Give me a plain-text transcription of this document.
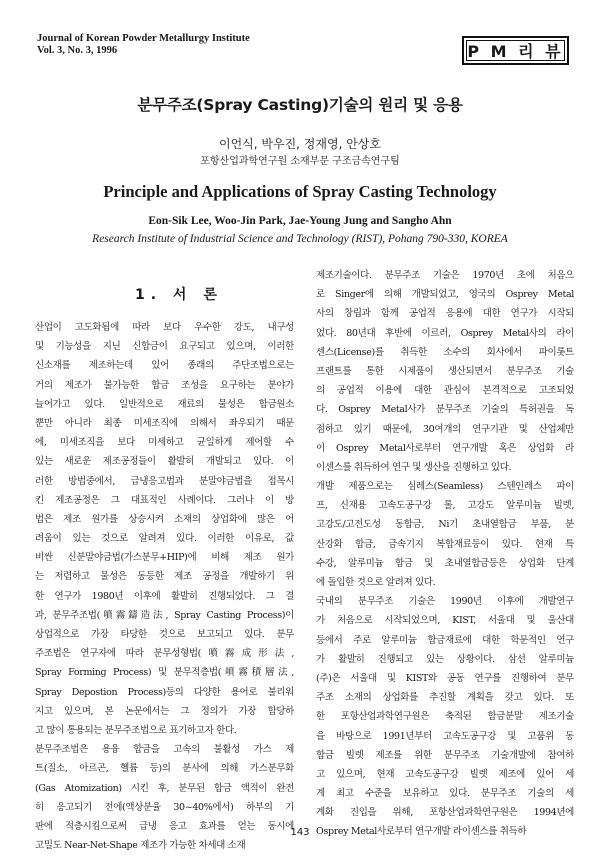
Journal of Korean Powder Metallurgy Institute
Vol. 3, No. 3, 1996	P M 리 뷰
분무주조(Spray Casting)기술의 원리 및 응용
이언식, 박우진, 정재영, 안상호
포항산업과학연구원 소재부문 구조금속연구팀
Principle and Applications of Spray Casting Technology
Eon-Sik Lee, Woo-Jin Park, Jae-Young Jung and Sangho Ahn
Research Institute of Industrial Science and Technology (RIST), Pohang 790-330, KOREA
1. 서 론
산업이 고도화됨에 따라 보다 우수한 강도, 내구성
및 기능성을 지닌 신합금이 요구되고 있으며, 이러한
신소재를 제조하는데 있어 종래의 주단조법으로는
거의 제조가 불가능한 합금 조성을 요구하는 분야가
늘어가고 있다. 일반적으로 재료의 물성은 합금원소
뿐만 아니라 최종 미세조직에 의해서 좌우되기 때문
에, 미세조직을 보다 미세하고 균일하게 제어할 수
있는 새로운 제조공정들이 활발히 개발되고 있다. 이
러한 방법중에서, 급냉응고법과 분말야금법을 접목시
킨 제조공정은 그 대표적인 사례이다. 그러나 이 방
법은 제조 원가를 상승시켜 소재의 상업화에 많은 어
려움이 있는 것으로 알려져 있다. 이러한 이유로, 값
비싼 신분말야금법(가스분무+HIP)에 비해 제조 원가
는 저렴하고 물성은 동등한 제조 공정을 개발하기 위
한 연구가 1980년 이후에 활발히 진행되었다. 그 결
과, 분무주조법(噴霧鑄造法, Spray Casting Process)이
상업적으로 가장 타당한 것으로 보고되고 있다. 분무
주조법은 연구자에 따라 분무성형법(噴霧成形法,
Spray Forming Process) 및 분무적층법(噴霧積層法,
Spray Depostion Process)등의 다양한 용어로 불리워
지고 있으며, 본 논문에서는 그 정의가 가장 합당하
고 많이 통용되는 분무주조법으로 표기하고자 한다.
분무주조법은 용융 합금을 고속의 불활성 가스 제
트(질소, 아르곤, 헬륨 등)의 분사에 의해 가스분무화
(Gas Atomization) 시킨 후, 분무된 합금 액적이 완전
히 응고되기 전에(액상분율 30~40%에서) 하부의 기
판에 적층시킴으로써 급냉 응고 효과를 얻는 동시에
고밀도 Near-Net-Shape 제조가 가능한 차세대 소재
제조기술이다. 분무주조 기술은 1970년 초에 처음으
로 Singer에 의해 개발되었고, 영국의 Osprey Metal
사의 창립과 함께 공업적 응용에 대한 연구가 시작되
었다. 80년대 후반에 이르러, Osprey Metal사의 라이
센스(License)를 취득한 소수의 회사에서 파이롯트
프랜트를 통한 시제품이 생산되면서 분무주조 기술
의 공업적 이용에 대한 관심이 본격적으로 고조되었
다. Osprey Metal사가 분무주조 기술의 특허권을 독
점하고 있기 때문에, 30여개의 연구기관 및 산업체만
이 Osprey Metal사로부터 연구개발 혹은 상업화 라
이센스를 취득하여 연구 및 생산을 진행하고 있다.
개발 제품으로는 심레스(Seamless) 스텐인레스 파이
프, 신재용 고속도공구강 롤, 고강도 알루미늄 빌렛,
고강도/고전도성 동합금, Ni기 초내열합금 부품, 분
산강화 합금, 금속기지 복합재료등이 있다. 현재 특
수강, 알루미늄 합금 및 초내열합금등은 상업화 단계
에 돌입한 것으로 알려져 있다.
국내의 분무주조 기술은 1990년 이후에 개발연구
가 처음으로 시작되었으며, KIST, 서울대 및 울산대
등에서 주로 알루미늄 합금재료에 대한 학문적인 연구
가 활발히 진행되고 있는 상황이다. 삼선 알루미늄
(주)은 서울대 및 KIST와 공동 연구를 진행하여 분무
주조 소재의 상업화를 추진할 계획을 갖고 있다. 또
한 포항산업과학연구원은 축적된 합금분말 제조기술
을 바탕으로 1991년부터 고속도공구강 및 고품위 동
합금 빌렛 제조를 위한 분무주조 기술개발에 참여하
고 있으며, 현재 고속도공구강 빌렛 제조에 있어 세
계 최고 수준을 보유하고 있다. 분무주조 기술의 세
계화 진입을 위해, 포항산업과학연구원은 1994년에
Osprey Metal사로부터 연구개발 라이센스를 취득하
143
